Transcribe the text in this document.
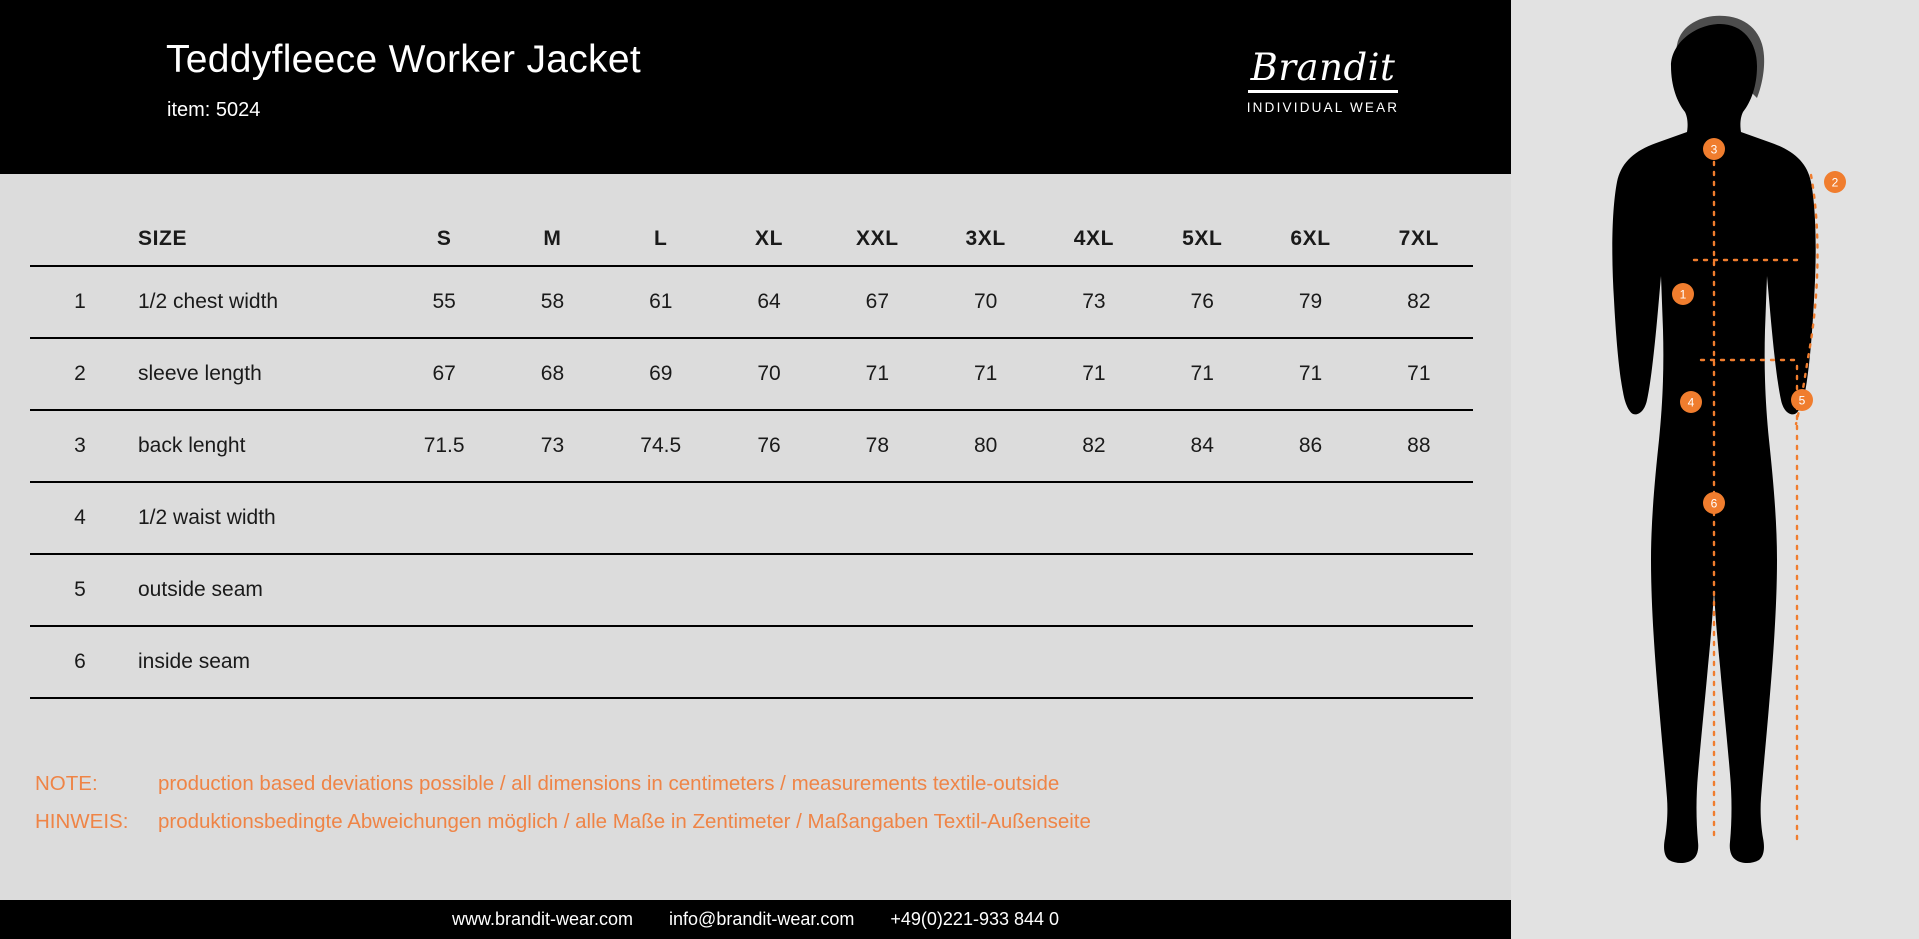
Teddyfleece Worker Jacket
item: 5024
Brandit
INDIVIDUAL WEAR
	SIZE	S	M	L	XL	XXL	3XL	4XL	5XL	6XL	7XL
1	1/2 chest width	55	58	61	64	67	70	73	76	79	82
2	sleeve length	67	68	69	70	71	71	71	71	71	71
3	back lenght	71.5	73	74.5	76	78	80	82	84	86	88
4	1/2 waist width										
5	outside seam										
6	inside seam										
NOTE:	production based deviations possible / all dimensions in centimeters / measurements textile-outside
HINWEIS: produktionsbedingte Abweichungen möglich / alle Maße in Zentimeter / Maßangaben Textil-Außenseite
www.brandit-wear.com info@brandit-wear.com +49(0)221-933 844 0
3
2
1
4	5
6
